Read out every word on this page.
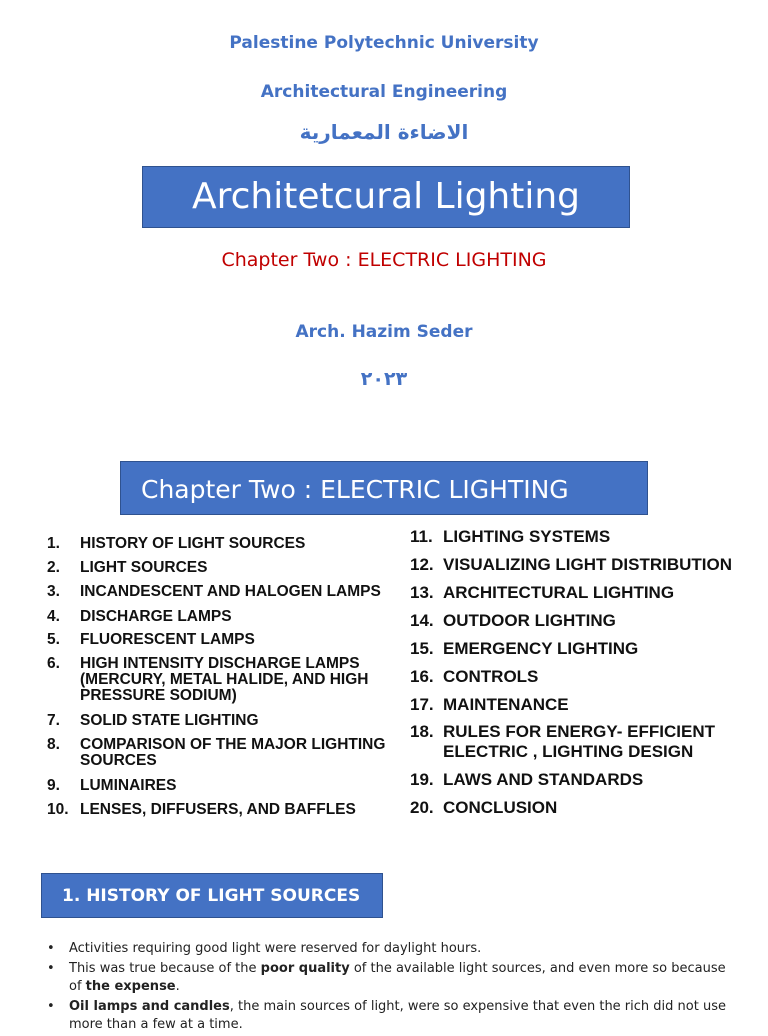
Palestine Polytechnic University
Architectural Engineering
الاضاءة المعمارية
Architetcural Lighting
Chapter Two : ELECTRIC LIGHTING
Arch. Hazim Seder
٢٠٢٣
Chapter Two : ELECTRIC LIGHTING
1.	HISTORY OF LIGHT SOURCES
2.	LIGHT SOURCES
3.	INCANDESCENT AND HALOGEN LAMPS
4.	DISCHARGE LAMPS
5.	FLUORESCENT LAMPS
6.	HIGH INTENSITY DISCHARGE LAMPS (MERCURY, METAL HALIDE, AND HIGH PRESSURE SODIUM)
7.	SOLID STATE LIGHTING
8.	COMPARISON OF THE MAJOR LIGHTING SOURCES
9.	LUMINAIRES
10. LENSES, DIFFUSERS, AND BAFFLES
11. LIGHTING SYSTEMS
12. VISUALIZING LIGHT DISTRIBUTION
13. ARCHITECTURAL LIGHTING
14. OUTDOOR LIGHTING
15. EMERGENCY LIGHTING
16. CONTROLS
17. MAINTENANCE
18. RULES FOR ENERGY- EFFICIENT ELECTRIC , LIGHTING DESIGN
19. LAWS AND STANDARDS
20. CONCLUSION
1. HISTORY OF LIGHT SOURCES
• Activities requiring good light were reserved for daylight hours.
• This was true because of the poor quality of the available light sources, and even more so because of the expense.
• Oil lamps and candles, the main sources of light, were so expensive that even the rich did not use more than a few at a time.
